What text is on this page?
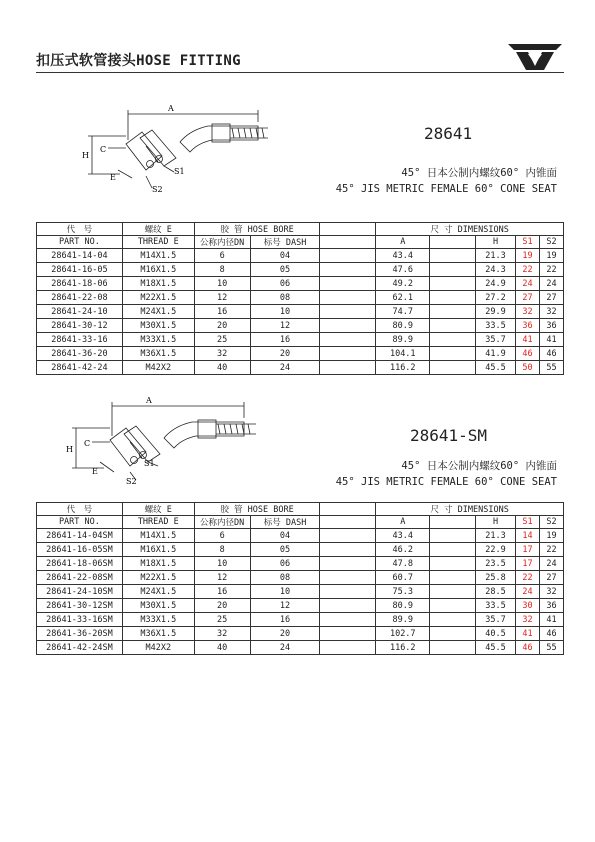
扣压式软管接头HOSE FITTING
A
H
C
E
S1
S2
28641
45° 日本公制内螺纹60° 内锥面
45° JIS METRIC FEMALE 60° CONE SEAT
代　号	螺纹 E	胶 管 HOSE BORE			尺 寸 DIMENSIONS				
PART NO.	THREAD E	公称内径DN	标号 DASH		A		H	S1	S2
28641-14-04	M14X1.5	6	04		43.4		21.3	19	19
28641-16-05	M16X1.5	8	05		47.6		24.3	22	22
28641-18-06	M18X1.5	10	06		49.2		24.9	24	24
28641-22-08	M22X1.5	12	08		62.1		27.2	27	27
28641-24-10	M24X1.5	16	10		74.7		29.9	32	32
28641-30-12	M30X1.5	20	12		80.9		33.5	36	36
28641-33-16	M33X1.5	25	16		89.9		35.7	41	41
28641-36-20	M36X1.5	32	20		104.1		41.9	46	46
28641-42-24	M42X2	40	24		116.2		45.5	50	55
A
H
C
E
S1
S2
28641-SM
45° 日本公制内螺纹60° 内锥面
45° JIS METRIC FEMALE 60° CONE SEAT
代　号	螺纹 E	胶 管 HOSE BORE			尺 寸 DIMENSIONS				
PART NO.	THREAD E	公称内径DN	标号 DASH		A		H	S1	S2
28641-14-04SM	M14X1.5	6	04		43.4		21.3	14	19
28641-16-05SM	M16X1.5	8	05		46.2		22.9	17	22
28641-18-06SM	M18X1.5	10	06		47.8		23.5	17	24
28641-22-08SM	M22X1.5	12	08		60.7		25.8	22	27
28641-24-10SM	M24X1.5	16	10		75.3		28.5	24	32
28641-30-12SM	M30X1.5	20	12		80.9		33.5	30	36
28641-33-16SM	M33X1.5	25	16		89.9		35.7	32	41
28641-36-20SM	M36X1.5	32	20		102.7		40.5	41	46
28641-42-24SM	M42X2	40	24		116.2		45.5	46	55
